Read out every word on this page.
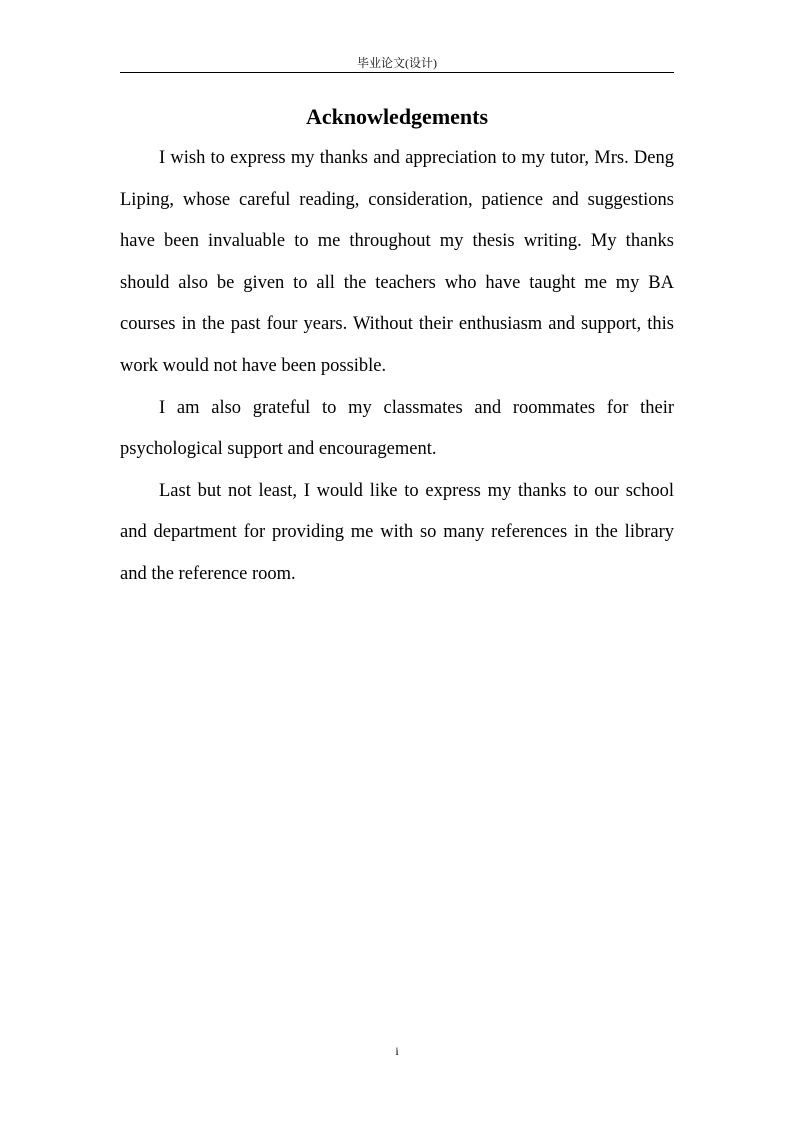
毕业论文(设计)
Acknowledgements

I wish to express my thanks and appreciation to my tutor, Mrs. Deng Liping, whose careful reading, consideration, patience and suggestions have been invaluable to me throughout my thesis writing. My thanks should also be given to all the teachers who have taught me my BA courses in the past four years. Without their enthusiasm and support, this work would not have been possible.

I am also grateful to my classmates and roommates for their psychological support and encouragement.

Last but not least, I would like to express my thanks to our school and department for providing me with so many references in the library and the reference room.

i
